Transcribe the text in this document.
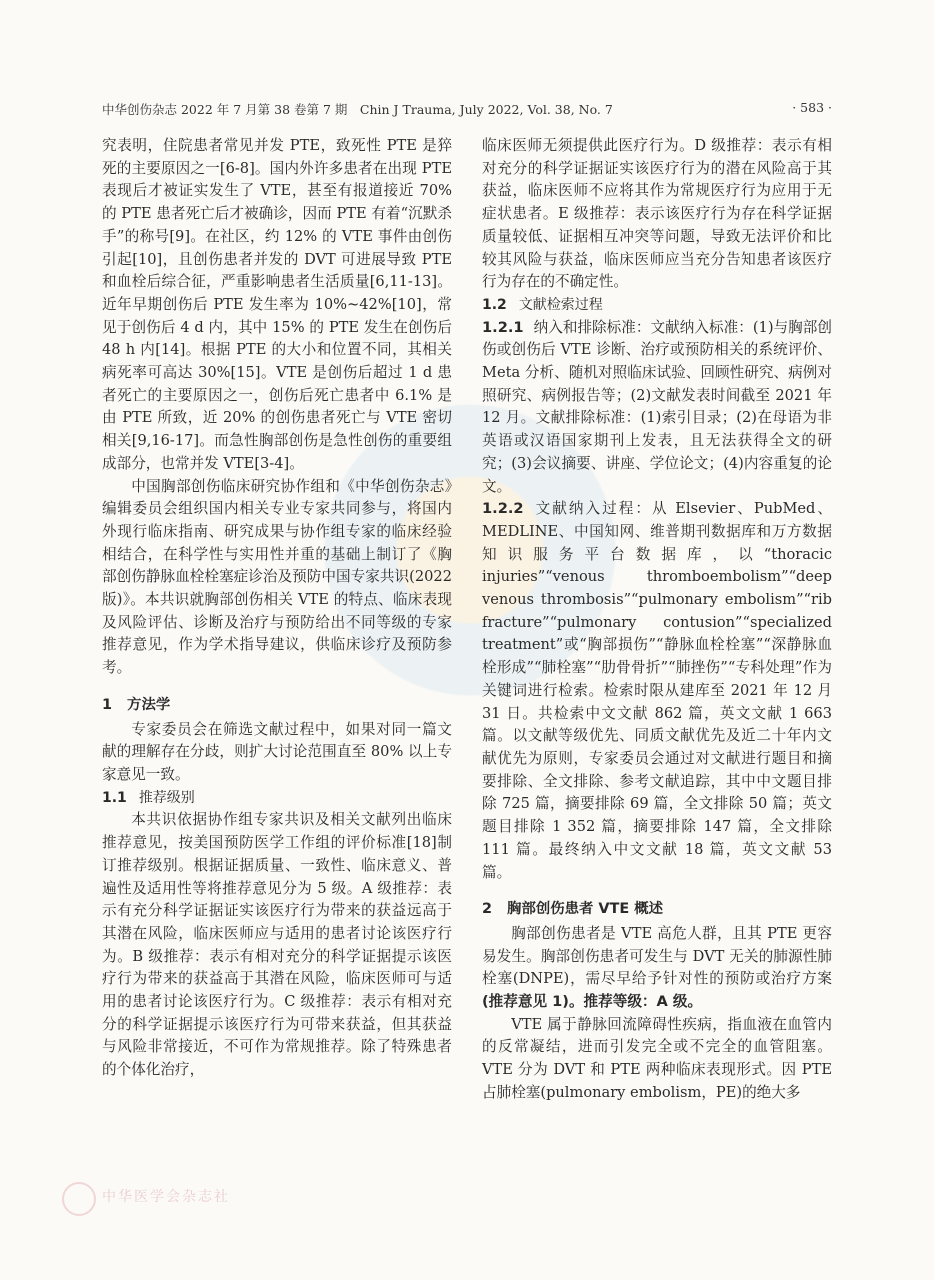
中华创伤杂志 2022 年 7 月第 38 卷第 7 期　Chin J Trauma, July 2022, Vol. 38, No. 7	· 583 ·

究表明，住院患者常见并发 PTE，致死性 PTE 是猝死的主要原因之一[6-8]。国内外许多患者在出现 PTE 表现后才被证实发生了 VTE，甚至有报道接近 70% 的 PTE 患者死亡后才被确诊，因而 PTE 有着“沉默杀手”的称号[9]。在社区，约 12% 的 VTE 事件由创伤引起[10]，且创伤患者并发的 DVT 可进展导致 PTE 和血栓后综合征，严重影响患者生活质量[6,11-13]。近年早期创伤后 PTE 发生率为 10%~42%[10]，常见于创伤后 4 d 内，其中 15% 的 PTE 发生在创伤后 48 h 内[14]。根据 PTE 的大小和位置不同，其相关病死率可高达 30%[15]。VTE 是创伤后超过 1 d 患者死亡的主要原因之一，创伤后死亡患者中 6.1% 是由 PTE 所致，近 20% 的创伤患者死亡与 VTE 密切相关[9,16-17]。而急性胸部创伤是急性创伤的重要组成部分，也常并发 VTE[3-4]。

中国胸部创伤临床研究协作组和《中华创伤杂志》编辑委员会组织国内相关专业专家共同参与，将国内外现行临床指南、研究成果与协作组专家的临床经验相结合，在科学性与实用性并重的基础上制订了《胸部创伤静脉血栓栓塞症诊治及预防中国专家共识(2022 版)》。本共识就胸部创伤相关 VTE 的特点、临床表现及风险评估、诊断及治疗与预防给出不同等级的专家推荐意见，作为学术指导建议，供临床诊疗及预防参考。

1 方法学

专家委员会在筛选文献过程中，如果对同一篇文献的理解存在分歧，则扩大讨论范围直至 80% 以上专家意见一致。

1.1 推荐级别

本共识依据协作组专家共识及相关文献列出临床推荐意见，按美国预防医学工作组的评价标准[18]制订推荐级别。根据证据质量、一致性、临床意义、普遍性及适用性等将推荐意见分为 5 级。A 级推荐：表示有充分科学证据证实该医疗行为带来的获益远高于其潜在风险，临床医师应与适用的患者讨论该医疗行为。B 级推荐：表示有相对充分的科学证据提示该医疗行为带来的获益高于其潜在风险，临床医师可与适用的患者讨论该医疗行为。C 级推荐：表示有相对充分的科学证据提示该医疗行为可带来获益，但其获益与风险非常接近，不可作为常规推荐。除了特殊患者的个体化治疗，

临床医师无须提供此医疗行为。D 级推荐：表示有相对充分的科学证据证实该医疗行为的潜在风险高于其获益，临床医师不应将其作为常规医疗行为应用于无症状患者。E 级推荐：表示该医疗行为存在科学证据质量较低、证据相互冲突等问题，导致无法评价和比较其风险与获益，临床医师应当充分告知患者该医疗行为存在的不确定性。

1.2 文献检索过程

1.2.1 纳入和排除标准：文献纳入标准：(1)与胸部创伤或创伤后 VTE 诊断、治疗或预防相关的系统评价、Meta 分析、随机对照临床试验、回顾性研究、病例对照研究、病例报告等；(2)文献发表时间截至 2021 年 12 月。文献排除标准：(1)索引目录；(2)在母语为非英语或汉语国家期刊上发表，且无法获得全文的研究；(3)会议摘要、讲座、学位论文；(4)内容重复的论文。

1.2.2 文献纳入过程：从 Elsevier、PubMed、MEDLINE、中国知网、维普期刊数据库和万方数据知识服务平台数据库，以“thoracic injuries”“venous thromboembolism”“deep venous thrombosis”“pulmonary embolism”“rib fracture”“pulmonary contusion”“specialized treatment”或“胸部损伤”“静脉血栓栓塞”“深静脉血栓形成”“肺栓塞”“肋骨骨折”“肺挫伤”“专科处理”作为关键词进行检索。检索时限从建库至 2021 年 12 月 31 日。共检索中文文献 862 篇，英文文献 1 663 篇。以文献等级优先、同质文献优先及近二十年内文献优先为原则，专家委员会通过对文献进行题目和摘要排除、全文排除、参考文献追踪，其中中文题目排除 725 篇，摘要排除 69 篇，全文排除 50 篇；英文题目排除 1 352 篇，摘要排除 147 篇，全文排除 111 篇。最终纳入中文文献 18 篇，英文文献 53 篇。

2 胸部创伤患者 VTE 概述

胸部创伤患者是 VTE 高危人群，且其 PTE 更容易发生。胸部创伤患者可发生与 DVT 无关的肺源性肺栓塞(DNPE)，需尽早给予针对性的预防或治疗方案(推荐意见 1)。推荐等级：A 级。

VTE 属于静脉回流障碍性疾病，指血液在血管内的反常凝结，进而引发完全或不完全的血管阻塞。VTE 分为 DVT 和 PTE 两种临床表现形式。因 PTE 占肺栓塞(pulmonary embolism，PE)的绝大多

中华医学会杂志社
